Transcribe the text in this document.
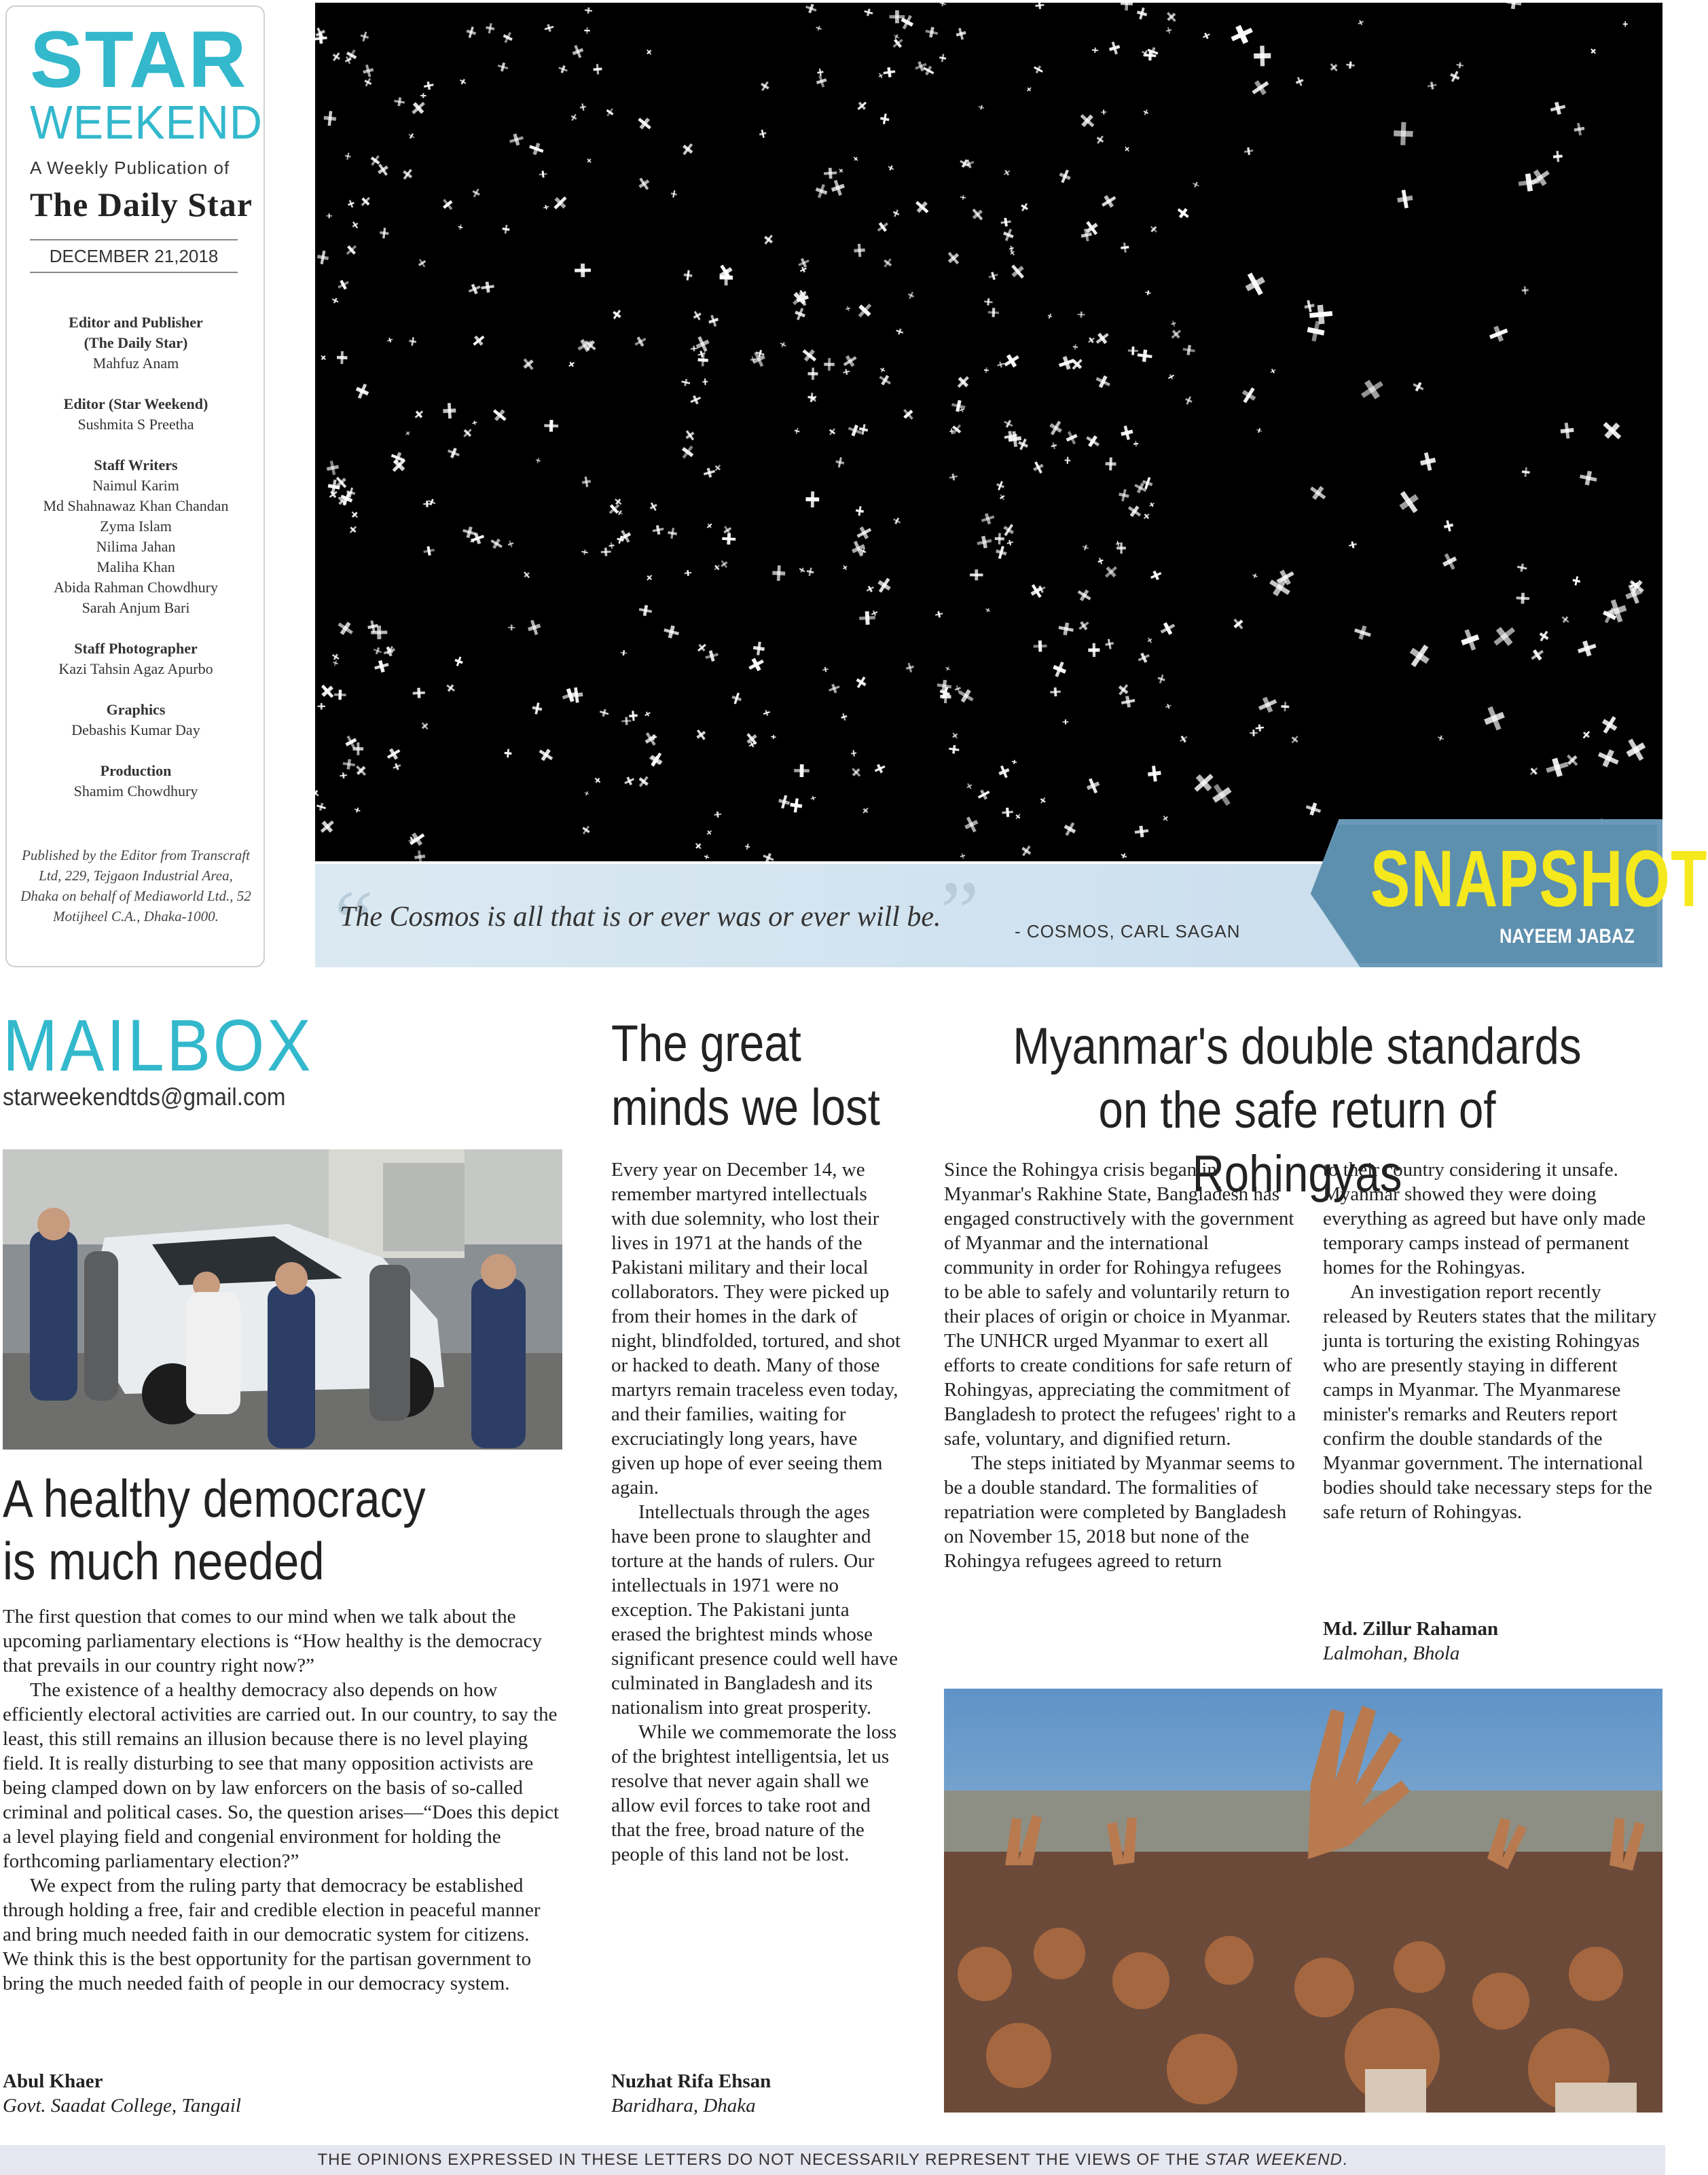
STAR
WEEKEND
A Weekly Publication of
The Daily Star
DECEMBER 21,2018
Editor and Publisher
(The Daily Star)
Mahfuz Anam
Editor (Star Weekend)
Sushmita S Preetha
Staff Writers
Naimul Karim
Md Shahnawaz Khan Chandan
Zyma Islam
Nilima Jahan
Maliha Khan
Abida Rahman Chowdhury
Sarah Anjum Bari
Staff Photographer
Kazi Tahsin Agaz Apurbo
Graphics
Debashis Kumar Day
Production
Shamim Chowdhury
Published by the Editor from Transcraft Ltd, 229, Tejgaon Industrial Area, Dhaka on behalf of Mediaworld Ltd., 52 Motijheel C.A., Dhaka-1000.	“
The Cosmos is all that is or ever was or ever will be.
” - COSMOS, CARL SAGAN
SNAPSHOT
NAYEEM JABAZ
MAILBOX
starweekendtds@gmail.com
A healthy democracy is much needed

The first question that comes to our mind when we talk about the upcoming parliamentary elections is “How healthy is the democracy that prevails in our country right now?”

The existence of a healthy democracy also depends on how efficiently electoral activities are carried out. In our country, to say the least, this still remains an illusion because there is no level playing field. It is really disturbing to see that many opposition activists are being clamped down on by law enforcers on the basis of so-called criminal and political cases. So, the question arises—“Does this depict a level playing field and congenial environment for holding the forthcoming parliamentary election?”

We expect from the ruling party that democracy be established through holding a free, fair and credible election in peaceful manner and bring much needed faith in our democratic system for citizens. We think this is the best opportunity for the partisan government to bring the much needed faith of people in our democracy system.

Abul Khaer
Govt. Saadat College, Tangail
The great minds we lost

Every year on December 14, we remember martyred intellectuals with due solemnity, who lost their lives in 1971 at the hands of the Pakistani military and their local collaborators. They were picked up from their homes in the dark of night, blindfolded, tortured, and shot or hacked to death. Many of those martyrs remain traceless even today, and their families, waiting for excruciatingly long years, have given up hope of ever seeing them again.

Intellectuals through the ages have been prone to slaughter and torture at the hands of rulers. Our intellectuals in 1971 were no exception. The Pakistani junta erased the brightest minds whose significant presence could well have culminated in Bangladesh and its nationalism into great prosperity.

While we commemorate the loss of the brightest intelligentsia, let us resolve that never again shall we allow evil forces to take root and that the free, broad nature of the people of this land not be lost.

Nuzhat Rifa Ehsan
Baridhara, Dhaka
Myanmar's double standards on the safe return of Rohingyas

Since the Rohingya crisis began in Myanmar's Rakhine State, Bangladesh has engaged constructively with the government of Myanmar and the international community in order for Rohingya refugees to be able to safely and voluntarily return to their places of origin or choice in Myanmar.

The UNHCR urged Myanmar to exert all efforts to create conditions for safe return of Rohingyas, appreciating the commitment of Bangladesh to protect the refugees' right to a safe, voluntary, and dignified return.

The steps initiated by Myanmar seems to be a double standard. The formalities of repatriation were completed by Bangladesh on November 15, 2018 but none of the Rohingya refugees agreed to return

to their country considering it unsafe. Myanmar showed they were doing everything as agreed but have only made temporary camps instead of permanent homes for the Rohingyas.

An investigation report recently released by Reuters states that the military junta is torturing the existing Rohingyas who are presently staying in different camps in Myanmar. The Myanmarese minister's remarks and Reuters report confirm the double standards of the Myanmar government. The international bodies should take necessary steps for the safe return of Rohingyas.

Md. Zillur Rahaman
Lalmohan, Bhola
THE OPINIONS EXPRESSED IN THESE LETTERS DO NOT NECESSARILY REPRESENT THE VIEWS OF THE STAR WEEKEND.
